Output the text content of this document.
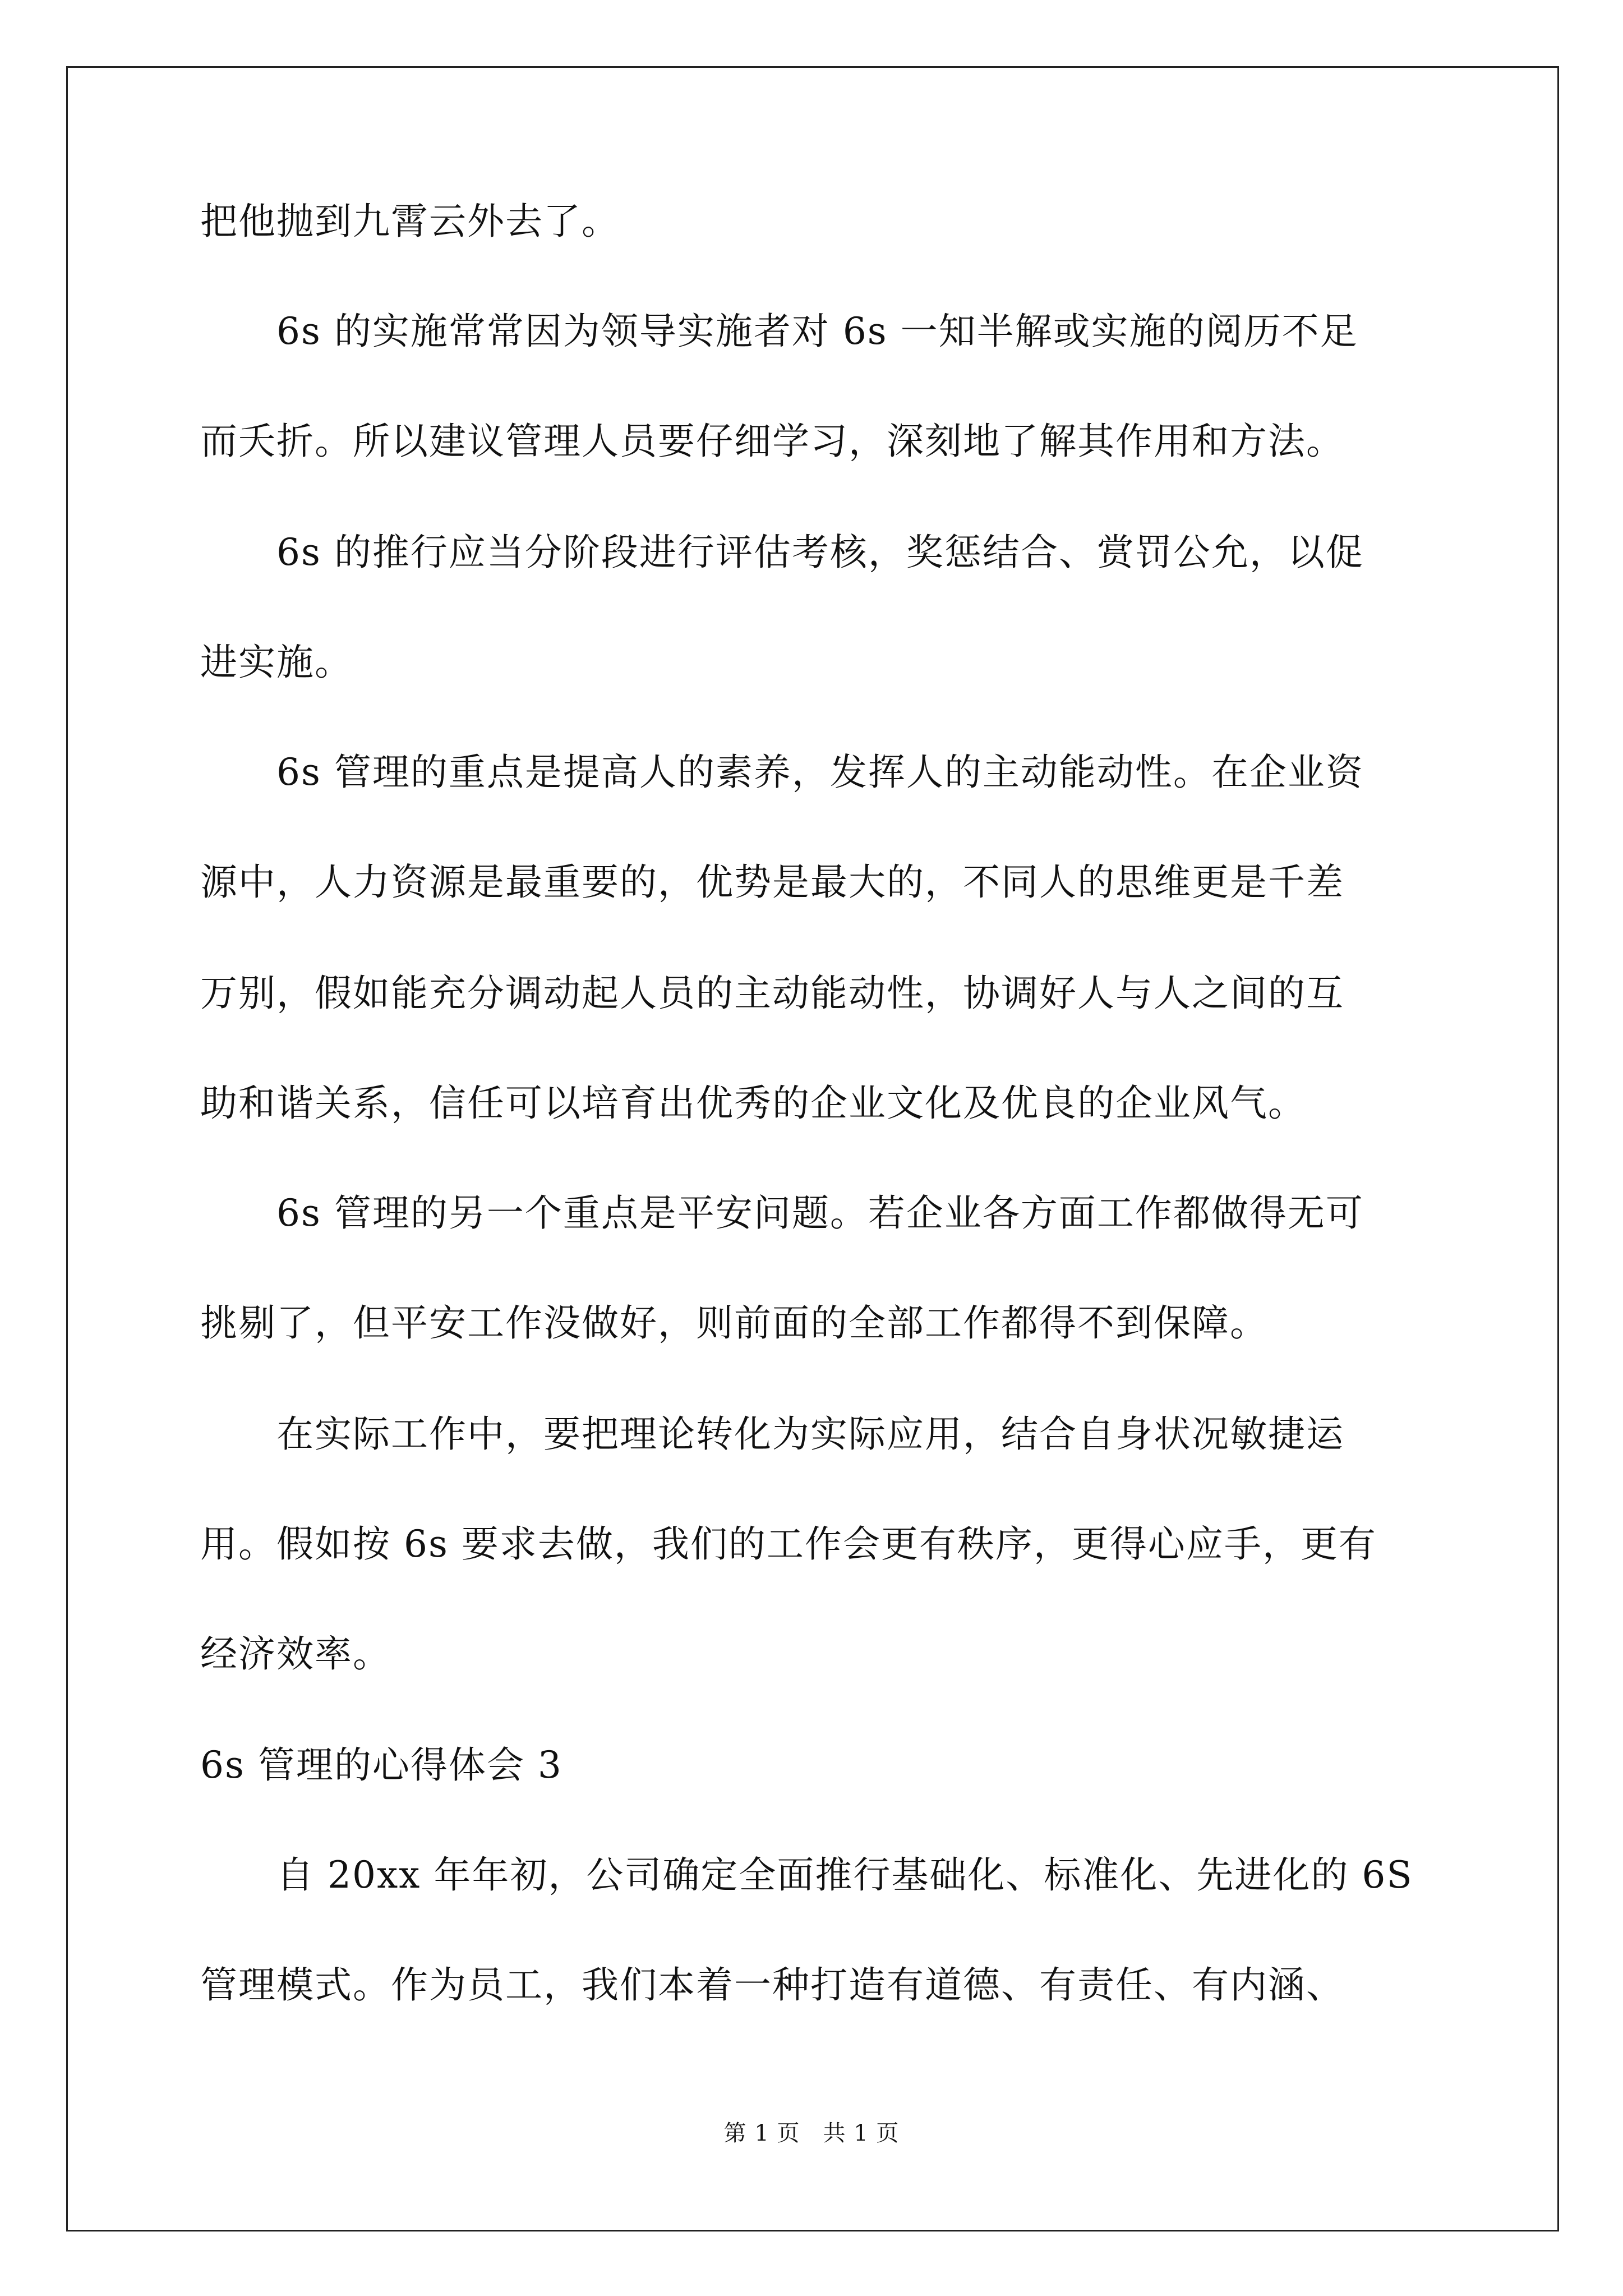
把他抛到九霄云外去了。
　　6s 的实施常常因为领导实施者对 6s 一知半解或实施的阅历不足
而夭折。所以建议管理人员要仔细学习，深刻地了解其作用和方法。
　　6s 的推行应当分阶段进行评估考核，奖惩结合、赏罚公允，以促
进实施。
　　6s 管理的重点是提高人的素养，发挥人的主动能动性。在企业资
源中，人力资源是最重要的，优势是最大的，不同人的思维更是千差
万别，假如能充分调动起人员的主动能动性，协调好人与人之间的互
助和谐关系，信任可以培育出优秀的企业文化及优良的企业风气。
　　6s 管理的另一个重点是平安问题。若企业各方面工作都做得无可
挑剔了，但平安工作没做好，则前面的全部工作都得不到保障。
　　在实际工作中，要把理论转化为实际应用，结合自身状况敏捷运
用。假如按 6s 要求去做，我们的工作会更有秩序，更得心应手，更有
经济效率。
6s 管理的心得体会 3
　　自 20xx 年年初，公司确定全面推行基础化、标准化、先进化的 6S
管理模式。作为员工，我们本着一种打造有道德、有责任、有内涵、
第 1 页　共 1 页
